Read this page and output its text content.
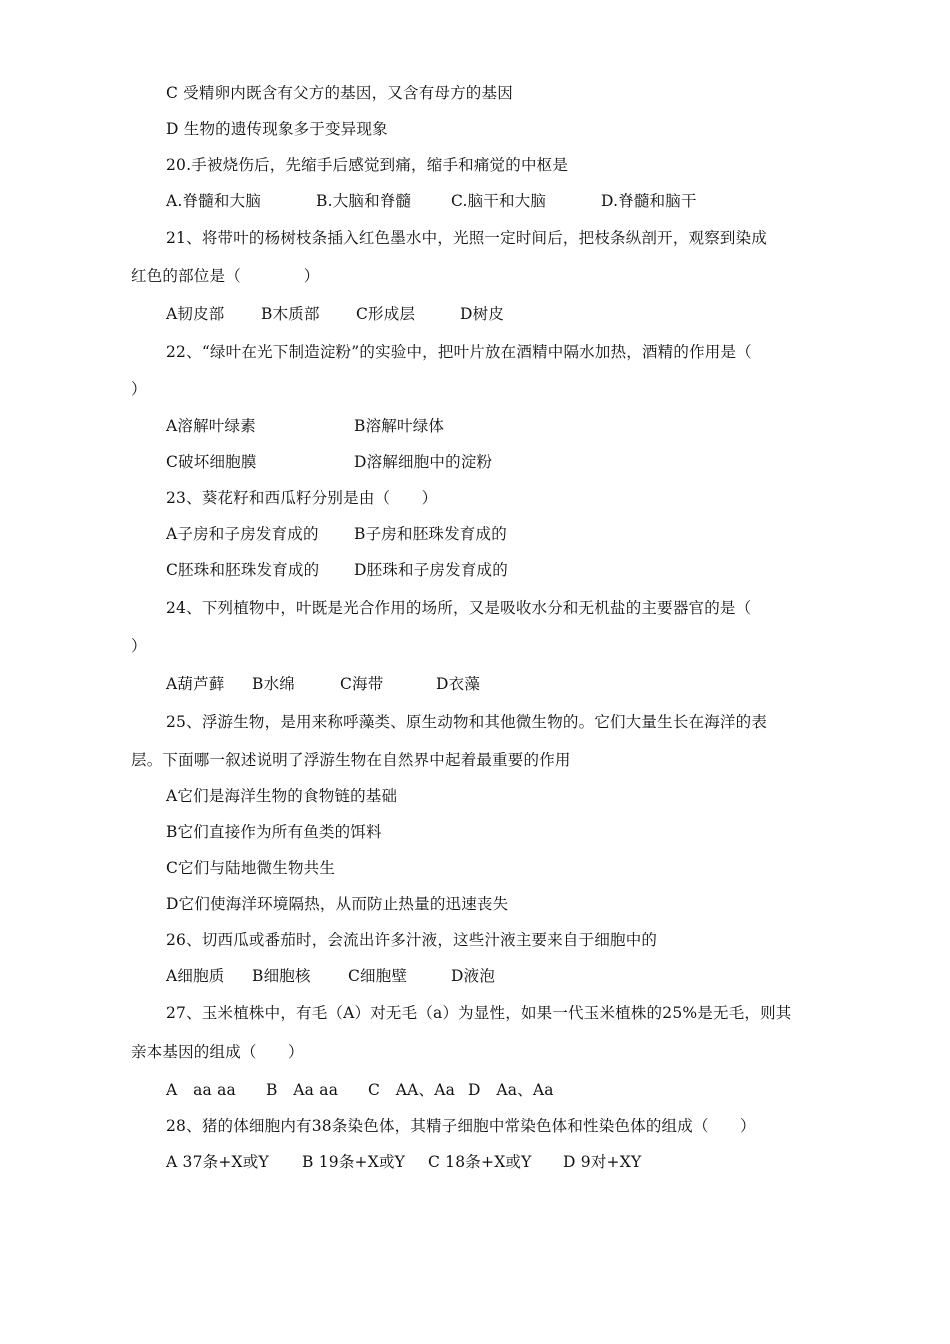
C 受精卵内既含有父方的基因，又含有母方的基因
D 生物的遗传现象多于变异现象
20.手被烧伤后，先缩手后感觉到痛，缩手和痛觉的中枢是
A.脊髓和大脑	B.大脑和脊髓	C.脑干和大脑	D.脊髓和脑干
21、将带叶的杨树枝条插入红色墨水中，光照一定时间后，把枝条纵剖开，观察到染成
红色的部位是（　　　　）
A韧皮部 B木质部 C形成层	D树皮
22、“绿叶在光下制造淀粉”的实验中，把叶片放在酒精中隔水加热，酒精的作用是（
）
A溶解叶绿素	B溶解叶绿体
C破坏细胞膜	D溶解细胞中的淀粉
23、葵花籽和西瓜籽分别是由（　　）
A子房和子房发育成的 B子房和胚珠发育成的
C胚珠和胚珠发育成的 D胚珠和子房发育成的
24、下列植物中，叶既是光合作用的场所，又是吸收水分和无机盐的主要器官的是（
）
A葫芦藓 B水绵	C海带	D衣藻
25、浮游生物，是用来称呼藻类、原生动物和其他微生物的。它们大量生长在海洋的表
层。下面哪一叙述说明了浮游生物在自然界中起着最重要的作用
A它们是海洋生物的食物链的基础
B它们直接作为所有鱼类的饵料
C它们与陆地微生物共生
D它们使海洋环境隔热，从而防止热量的迅速丧失
26、切西瓜或番茄时，会流出许多汁液，这些汁液主要来自于细胞中的
A细胞质 B细胞核 C细胞壁	D液泡
27、玉米植株中，有毛（A）对无毛（a）为显性，如果一代玉米植株的25%是无毛，则其
亲本基因的组成（　　）
A　aa aa B　Aa aa C　AA、Aa D　Aa、Aa
28、猪的体细胞内有38条染色体，其精子细胞中常染色体和性染色体的组成（　　）
A 37条+X或Y B 19条+X或Y C 18条+X或Y D 9对+XY
